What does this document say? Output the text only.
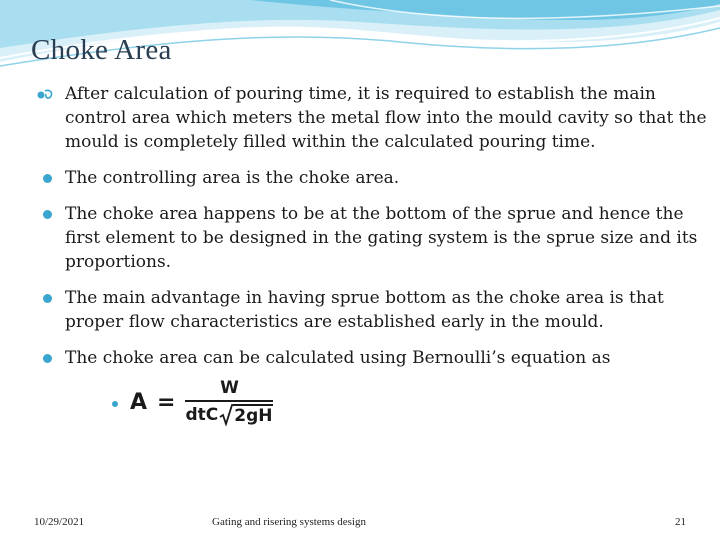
Choke Area
After calculation of pouring time, it is required to establish the main control area which meters the metal flow into the mould cavity so that the mould is completely filled within the calculated pouring time.
The controlling area is the choke area.
The choke area happens to be at the bottom of the sprue and hence the first element to be designed in the gating system is the sprue size and its proportions.
The main advantage in having sprue bottom as the choke area is that proper flow characteristics are established early in the mould.
The choke area can be calculated using Bernoulli’s equation as
$A = \frac{W}{\text{dtC 2gH}}$
10/29/2021	Gating and risering systems design	21
